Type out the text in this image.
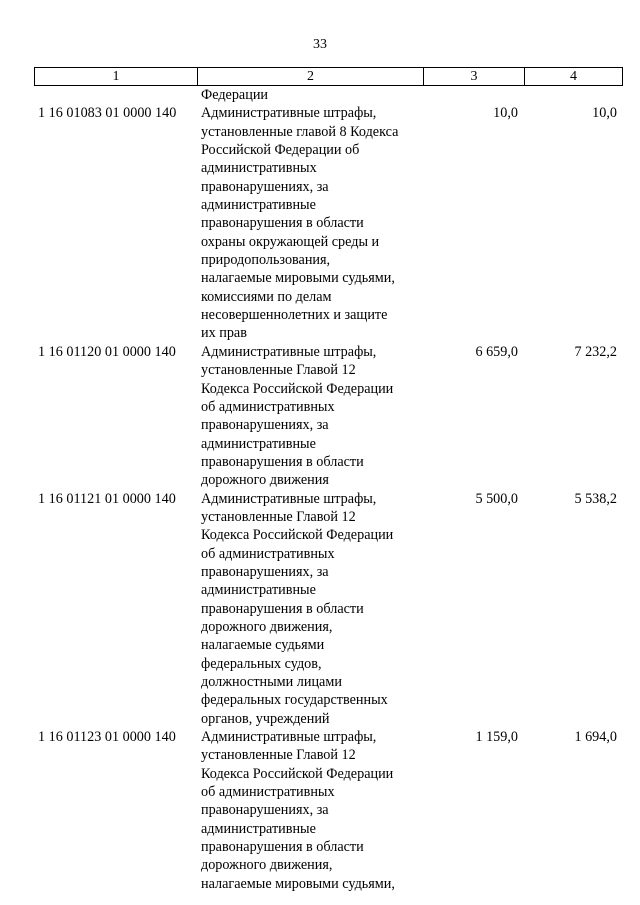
33
1	2	3	4
Федерации
1 16 01083 01 0000 140	Административные штрафы,
установленные главой 8 Кодекса
Российской Федерации об
административных
правонарушениях, за
административные
правонарушения в области
охраны окружающей среды и
природопользования,
налагаемые мировыми судьями,
комиссиями по делам
несовершеннолетних и защите
их прав
10,0	10,0
1 16 01120 01 0000 140	Административные штрафы,
установленные Главой 12
Кодекса Российской Федерации
об административных
правонарушениях, за
административные
правонарушения в области
дорожного движения
6 659,0	7 232,2
1 16 01121 01 0000 140	Административные штрафы,
установленные Главой 12
Кодекса Российской Федерации
об административных
правонарушениях, за
административные
правонарушения в области
дорожного движения,
налагаемые судьями
федеральных судов,
должностными лицами
федеральных государственных
органов, учреждений
5 500,0	5 538,2
1 16 01123 01 0000 140	Административные штрафы,
установленные Главой 12
Кодекса Российской Федерации
об административных
правонарушениях, за
административные
правонарушения в области
дорожного движения,
налагаемые мировыми судьями,
1 159,0	1 694,0
